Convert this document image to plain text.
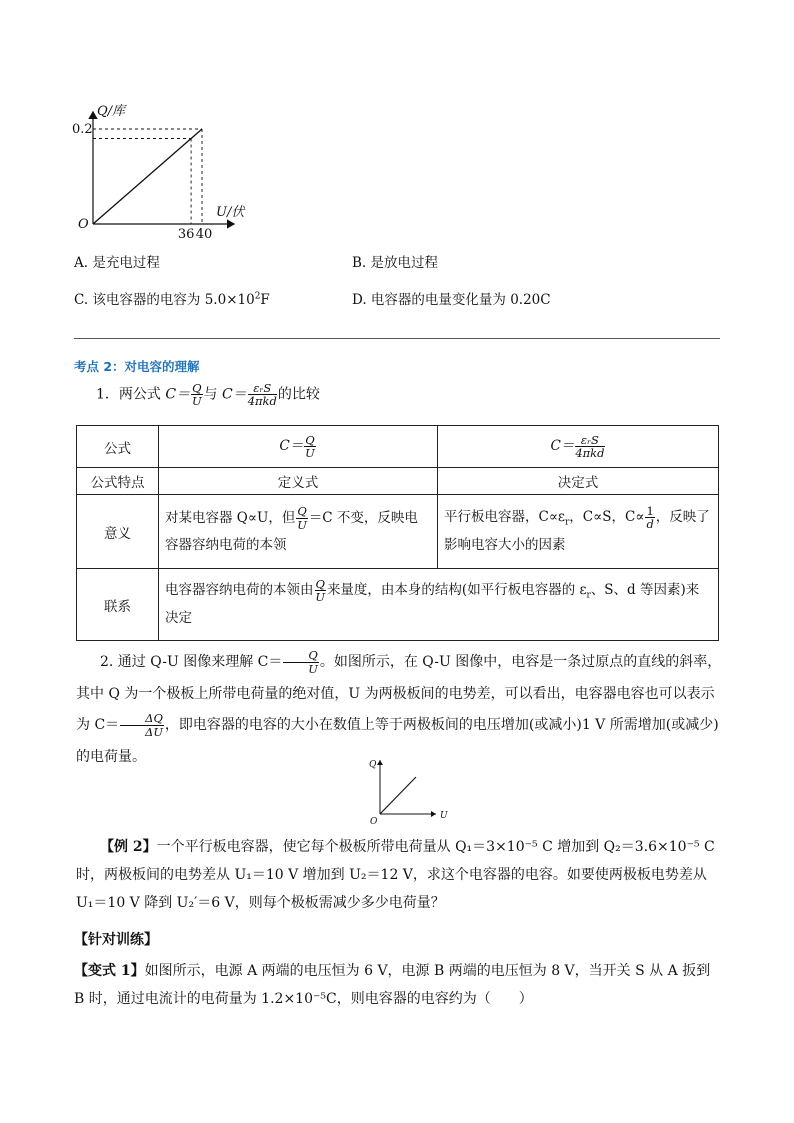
Q/库
0.2
O
36 40
U/伏
A. 是充电过程	B. 是放电过程
C. 该电容器的电容为 $5.0\times 10^2F$	D. 电容器的电量变化量为 0.20C
考点 2：对电容的理解
1．两公式 $C= \frac{Q}{U}$ 与 $C= \frac{\text{εᵣS}}{\text{4πkd}}$ 的比较
公式	$C= \frac{Q}{U}$	$C= \frac{\text{εᵣS}}{\text{4πkd}}$

公式特点	定义式	决定式
意义	对某电容器 Q∝U，但 $\frac{Q}{U} =C$ 不变，反映电容器容纳电荷的本领	平行板电容器，$C\propto\varepsilon_r$，C∝S，$C\propto \frac{1}{d}$ ，反映了影响电容大小的因素
联系	电容器容纳电荷的本领由 $\frac{Q}{U}$ 来量度，由本身的结构(如平行板电容器的 $\varepsilon_r$、S、d 等因素)来决定	
2. 通过 Q-U 图像来理解 $C= \frac{Q}{U}$ 。如图所示，在 Q-U 图像中，电容是一条过原点的直线的斜率，其中 Q 为一个极板上所带电荷量的绝对值，U 为两极板间的电势差，可以看出，电容器电容也可以表示为 $C= \frac{\Delta Q}{\Delta U}$ ，即电容器的电容的大小在数值上等于两极板间的电压增加(或减小)1 V 所需增加(或减少)的电荷量。
Q
O
U
【例 2】一个平行板电容器，使它每个极板所带电荷量从 Q₁＝3×10⁻⁵ C 增加到 Q₂＝3.6×10⁻⁵ C 时，两极板间的电势差从 U₁＝10 V 增加到 U₂＝12 V，求这个电容器的电容。如要使两极板电势差从 U₁＝10 V 降到 U₂′＝6 V，则每个极板需减少多少电荷量？
【针对训练】
【变式 1】如图所示，电源 A 两端的电压恒为 6 V，电源 B 两端的电压恒为 8 V，当开关 S 从 A 扳到 B 时，通过电流计的电荷量为 1.2×10⁻⁵C，则电容器的电容约为（　　）
